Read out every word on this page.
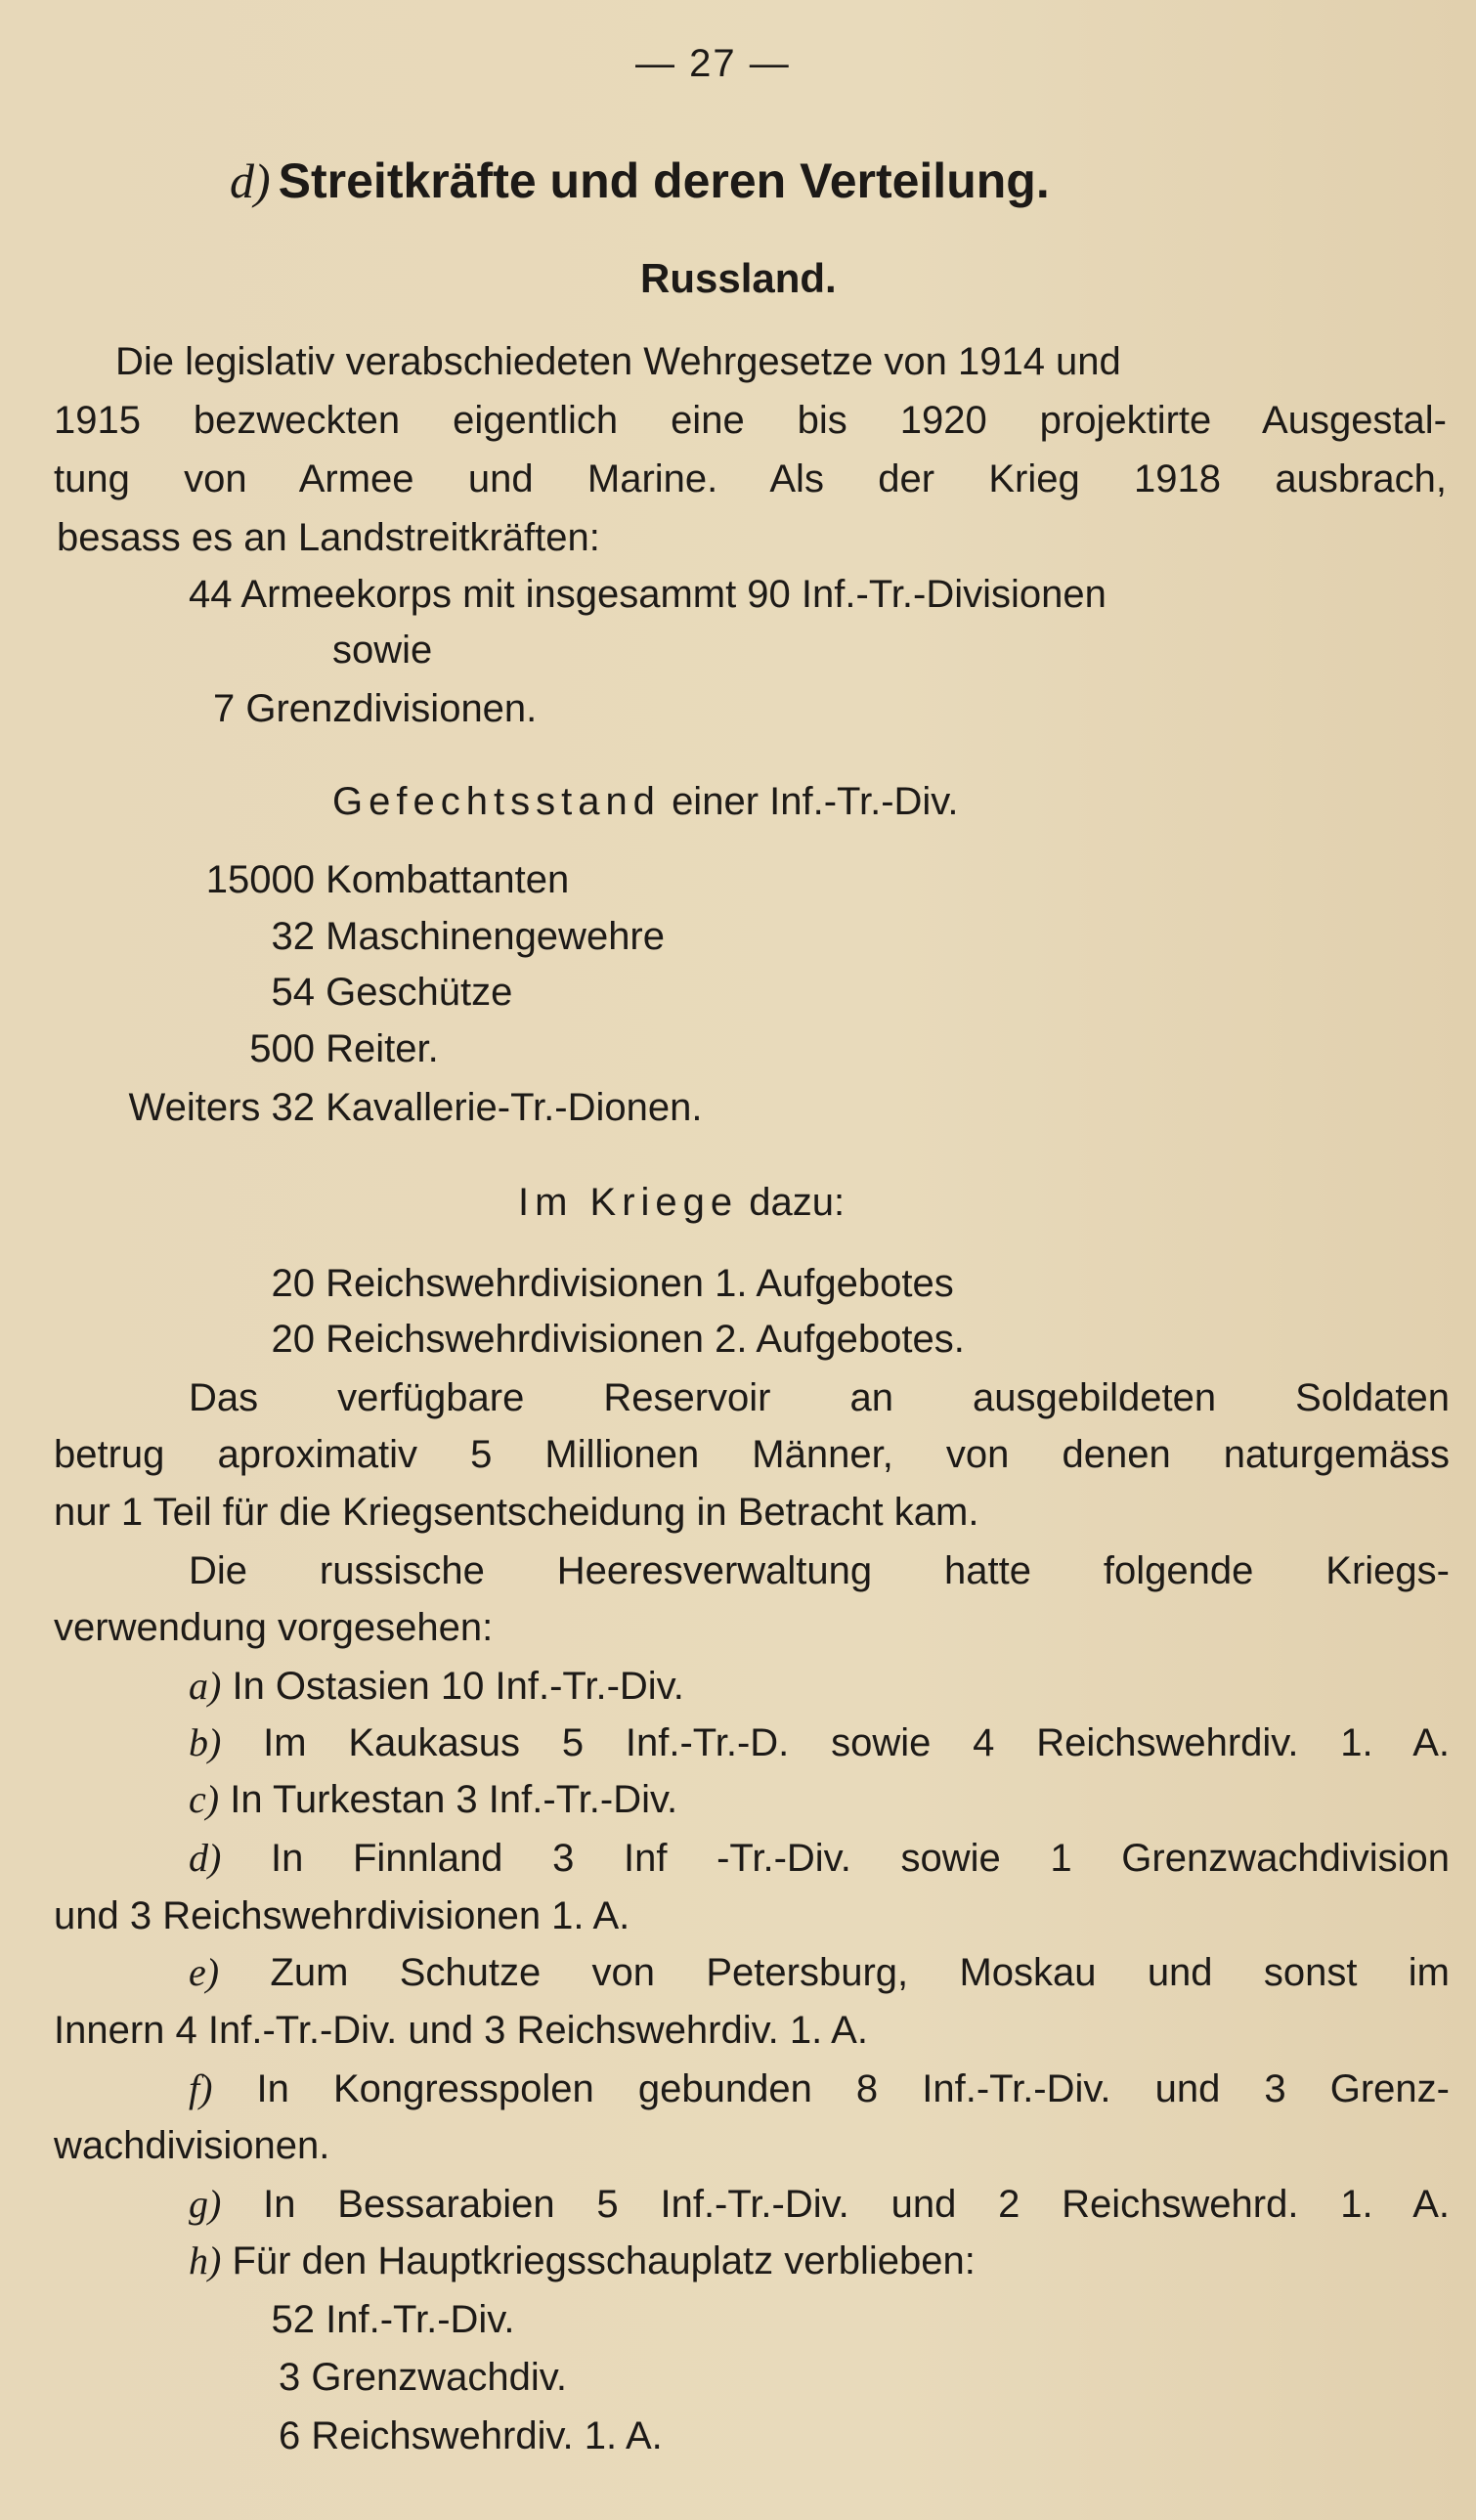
— 27 —
d) Streitkräfte und deren Verteilung.
Russland.
Die legislativ verabschiedeten Wehrgesetze von 1914 und
1915 bezweckten eigentlich eine bis 1920 projektirte Ausgestal-
tung von Armee und Marine. Als der Krieg 1918 ausbrach,
besass es an Landstreitkräften:
44 Armeekorps mit insgesammt 90 Inf.-Tr.-Divisionen
sowie
7 Grenzdivisionen.
Gefechtsstand einer Inf.-Tr.-Div.
15000 Kombattanten
32 Maschinengewehre
54 Geschütze
500 Reiter.
Weiters 32 Kavallerie-Tr.-Dionen.
Im Kriege dazu:
20 Reichswehrdivisionen 1. Aufgebotes
20 Reichswehrdivisionen 2. Aufgebotes.
Das verfügbare Reservoir an ausgebildeten Soldaten
betrug aproximativ 5 Millionen Männer, von denen naturgemäss
nur 1 Teil für die Kriegsentscheidung in Betracht kam.
Die russische Heeresverwaltung hatte folgende Kriegs-
verwendung vorgesehen:
a) In Ostasien 10 Inf.-Tr.-Div.
b) Im Kaukasus 5 Inf.-Tr.-D. sowie 4 Reichswehrdiv. 1. A.
c) In Turkestan 3 Inf.-Tr.-Div.
d) In Finnland 3 Inf -Tr.-Div. sowie 1 Grenzwachdivision
und 3 Reichswehrdivisionen 1. A.
e) Zum Schutze von Petersburg, Moskau und sonst im
Innern 4 Inf.-Tr.-Div. und 3 Reichswehrdiv. 1. A.
f) In Kongresspolen gebunden 8 Inf.-Tr.-Div. und 3 Grenz-
wachdivisionen.
g) In Bessarabien 5 Inf.-Tr.-Div. und 2 Reichswehrd. 1. A.
h) Für den Hauptkriegsschauplatz verblieben:
52 Inf.-Tr.-Div.
3 Grenzwachdiv.
6 Reichswehrdiv. 1. A.
